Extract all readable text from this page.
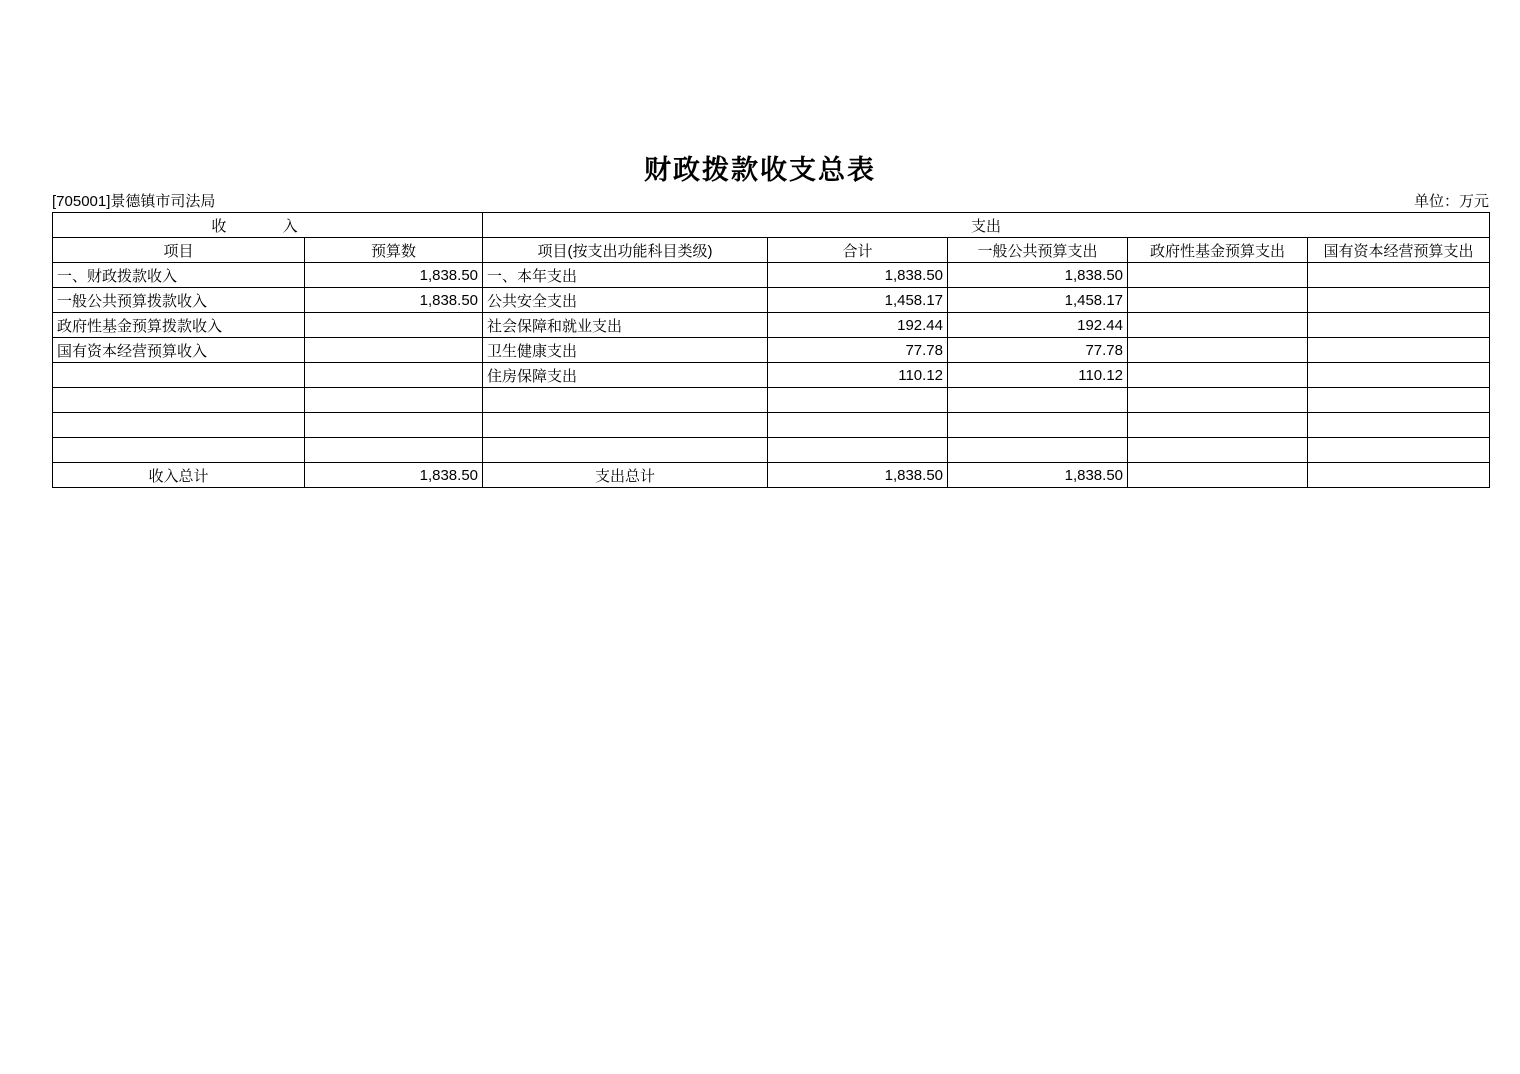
财政拨款收支总表
[705001]景德镇市司法局	单位：万元
收 入		支出				
项目	预算数	项目(按支出功能科目类级)	合计	一般公共预算支出	政府性基金预算支出	国有资本经营预算支出
一、财政拨款收入	1,838.50	一、本年支出	1,838.50	1,838.50		
一般公共预算拨款收入	1,838.50	公共安全支出	1,458.17	1,458.17		
政府性基金预算拨款收入		社会保障和就业支出	192.44	192.44		
国有资本经营预算收入		卫生健康支出	77.78	77.78		
		住房保障支出	110.12	110.12		

收入总计	1,838.50	支出总计	1,838.50	1,838.50		
